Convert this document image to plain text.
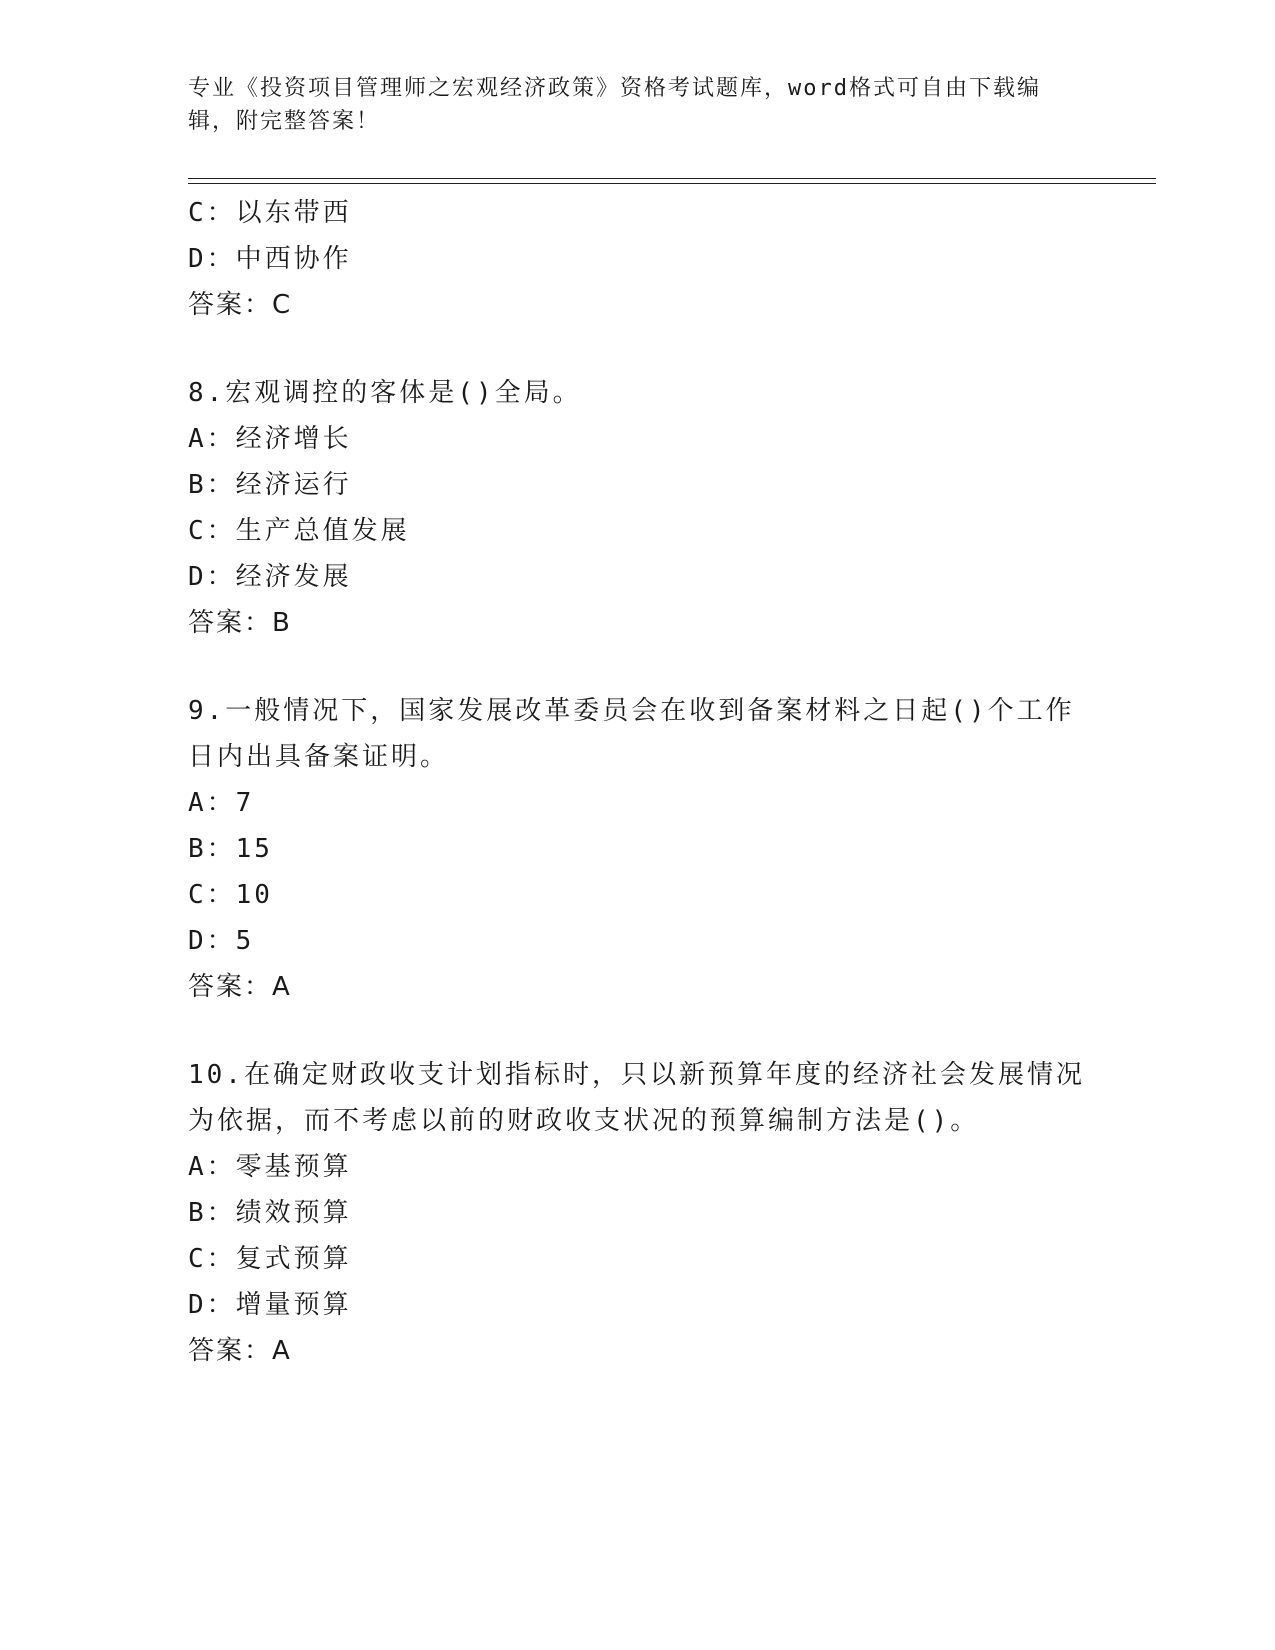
专业《投资项目管理师之宏观经济政策》资格考试题库，word格式可自由下载编
辑，附完整答案！
C：以东带西
D：中西协作
答案：C
8.宏观调控的客体是()全局。
A：经济增长
B：经济运行
C：生产总值发展
D：经济发展
答案：B
9.一般情况下，国家发展改革委员会在收到备案材料之日起()个工作
日内出具备案证明。
A：7
B：15
C：10
D：5
答案：A
10.在确定财政收支计划指标时，只以新预算年度的经济社会发展情况
为依据，而不考虑以前的财政收支状况的预算编制方法是()。
A：零基预算
B：绩效预算
C：复式预算
D：增量预算
答案：A
